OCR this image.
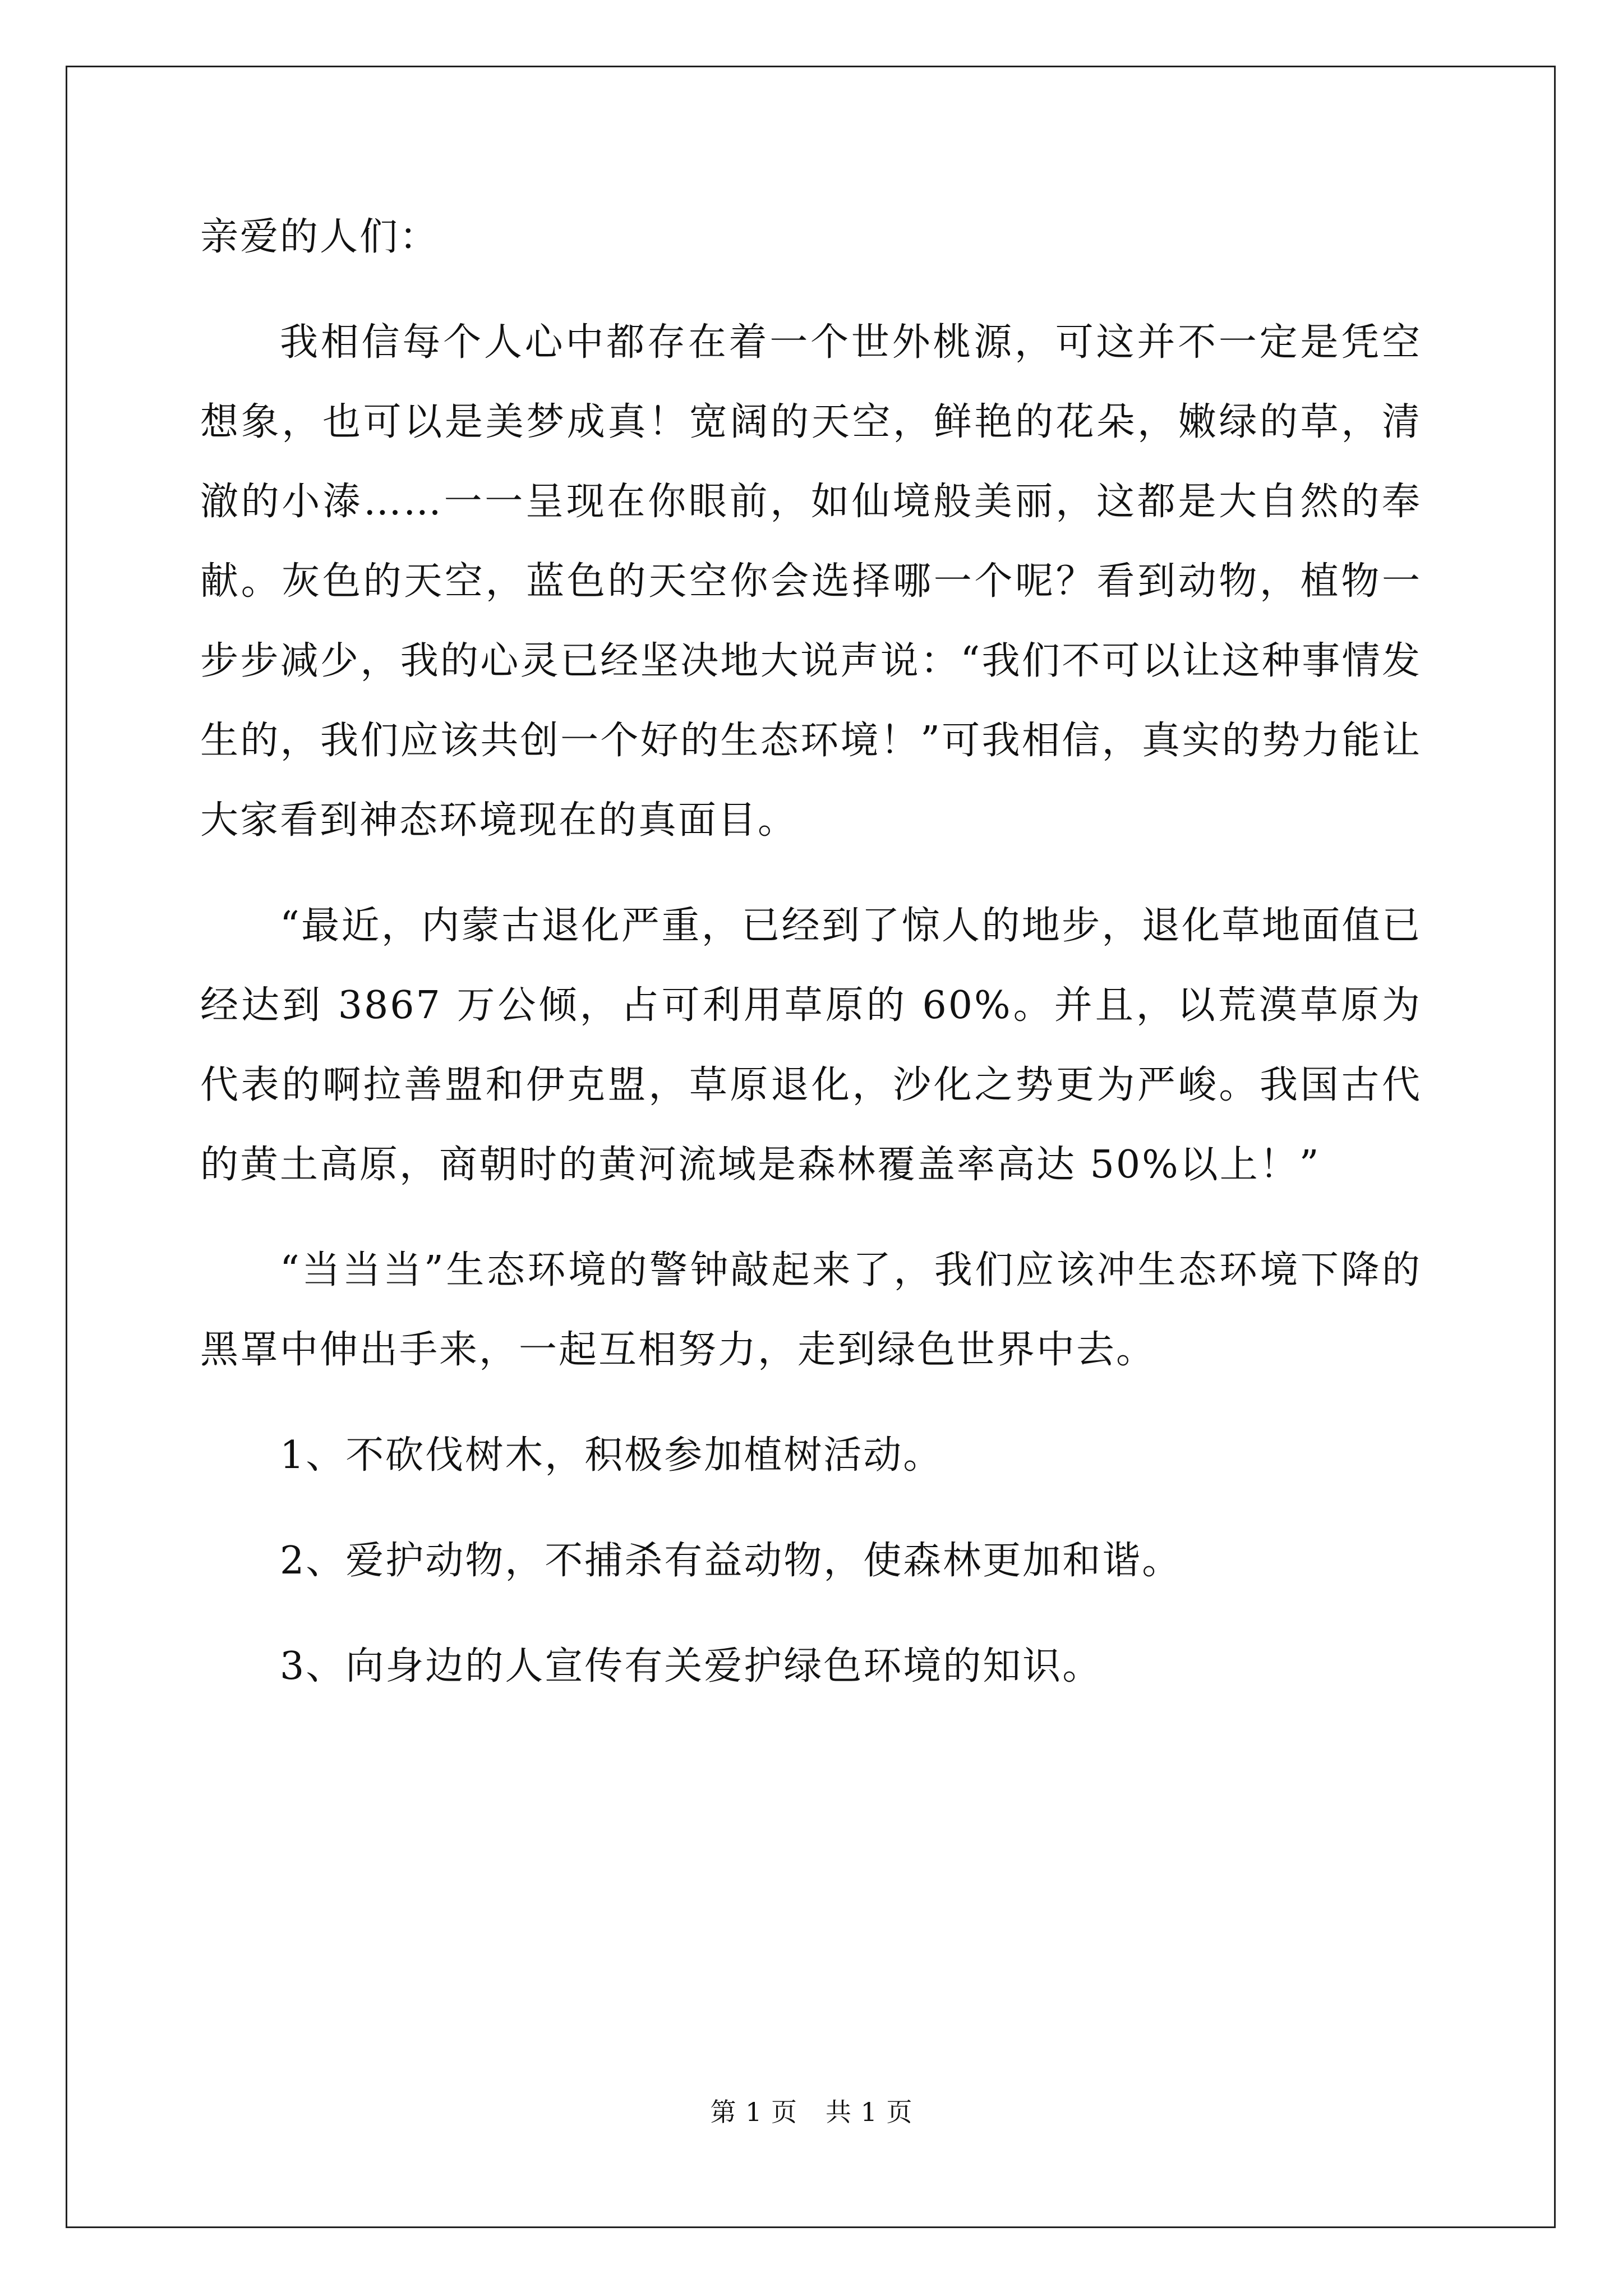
亲爱的人们：

我相信每个人心中都存在着一个世外桃源，可这并不一定是凭空想象，也可以是美梦成真！宽阔的天空，鲜艳的花朵，嫩绿的草，清澈的小溙……一一呈现在你眼前，如仙境般美丽，这都是大自然的奉献。灰色的天空，蓝色的天空你会选择哪一个呢？看到动物，植物一步步减少，我的心灵已经坚决地大说声说：“我们不可以让这种事情发生的，我们应该共创一个好的生态环境！”可我相信，真实的势力能让大家看到神态环境现在的真面目。

“最近，内蒙古退化严重，已经到了惊人的地步，退化草地面值已经达到 3867 万公倾，占可利用草原的 60%。并且，以荒漠草原为代表的啊拉善盟和伊克盟，草原退化，沙化之势更为严峻。我国古代的黄土高原，商朝时的黄河流域是森林覆盖率高达 50%以上！”

“当当当”生态环境的警钟敲起来了，我们应该冲生态环境下降的黑罩中伸出手来，一起互相努力，走到绿色世界中去。

1、不砍伐树木，积极参加植树活动。

2、爱护动物，不捕杀有益动物，使森林更加和谐。

3、向身边的人宣传有关爱护绿色环境的知识。

第 1 页 共 1 页
